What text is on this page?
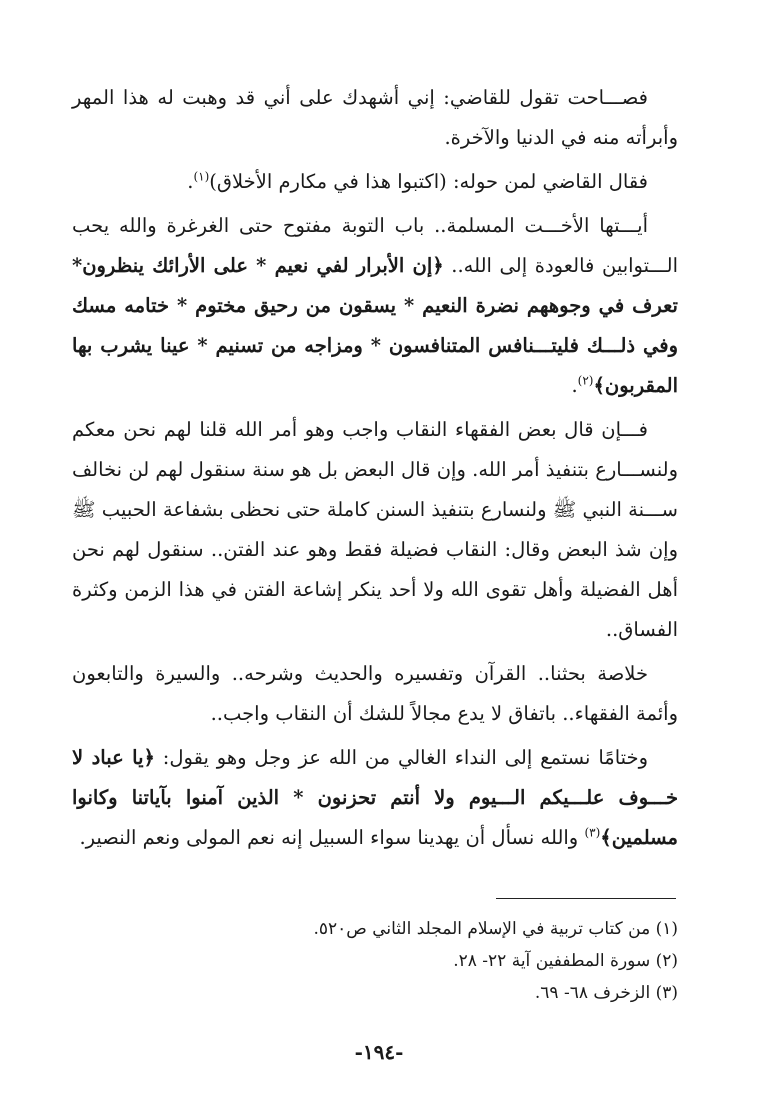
فصـــاحت تقول للقاضي: إني أشهدك على أني قد وهبت له هذا المهر وأبرأته منه في الدنيا والآخرة.

فقال القاضي لمن حوله: (اكتبوا هذا في مكارم الأخلاق)$^{(١)}$.

أيـــتها الأخـــت المسلمة.. باب التوبة مفتوح حتى الغرغرة والله يحب الـــتوابين فالعودة إلى الله.. ﴿إن الأبرار لفي نعيم * على الأرائك ينظرون* تعرف في وجوههم نضرة النعيم * يسقون من رحيق مختوم * ختامه مسك وفي ذلـــك فليتـــنافس المتنافسون * ومزاجه من تسنيم * عينا يشرب بها المقربون﴾$^{(٢)}$.

فـــإن قال بعض الفقهاء النقاب واجب وهو أمر الله قلنا لهم نحن معكم ولنســـارع بتنفيذ أمر الله. وإن قال البعض بل هو سنة سنقول لهم لن نخالف ســـنة النبي ﷺ ولنسارع بتنفيذ السنن كاملة حتى نحظى بشفاعة الحبيب ﷺ وإن شذ البعض وقال: النقاب فضيلة فقط وهو عند الفتن.. سنقول لهم نحن أهل الفضيلة وأهل تقوى الله ولا أحد ينكر إشاعة الفتن في هذا الزمن وكثرة الفساق..

خلاصة بحثنا.. القرآن وتفسيره والحديث وشرحه.. والسيرة والتابعون وأئمة الفقهاء.. باتفاق لا يدع مجالاً للشك أن النقاب واجب..

وختامًا نستمع إلى النداء الغالي من الله عز وجل وهو يقول: ﴿يا عباد لا خـــوف علـــيكم الـــيوم ولا أنتم تحزنون * الذين آمنوا بآياتنا وكانوا مسلمين﴾$^{(٣)}$ والله نسأل أن يهدينا سواء السبيل إنه نعم المولى ونعم النصير.

(١) من كتاب تربية في الإسلام المجلد الثاني ص٥٢٠.

(٢) سورة المطففين آية ٢٢- ٢٨.

(٣) الزخرف ٦٨- ٦٩.

-١٩٤-
